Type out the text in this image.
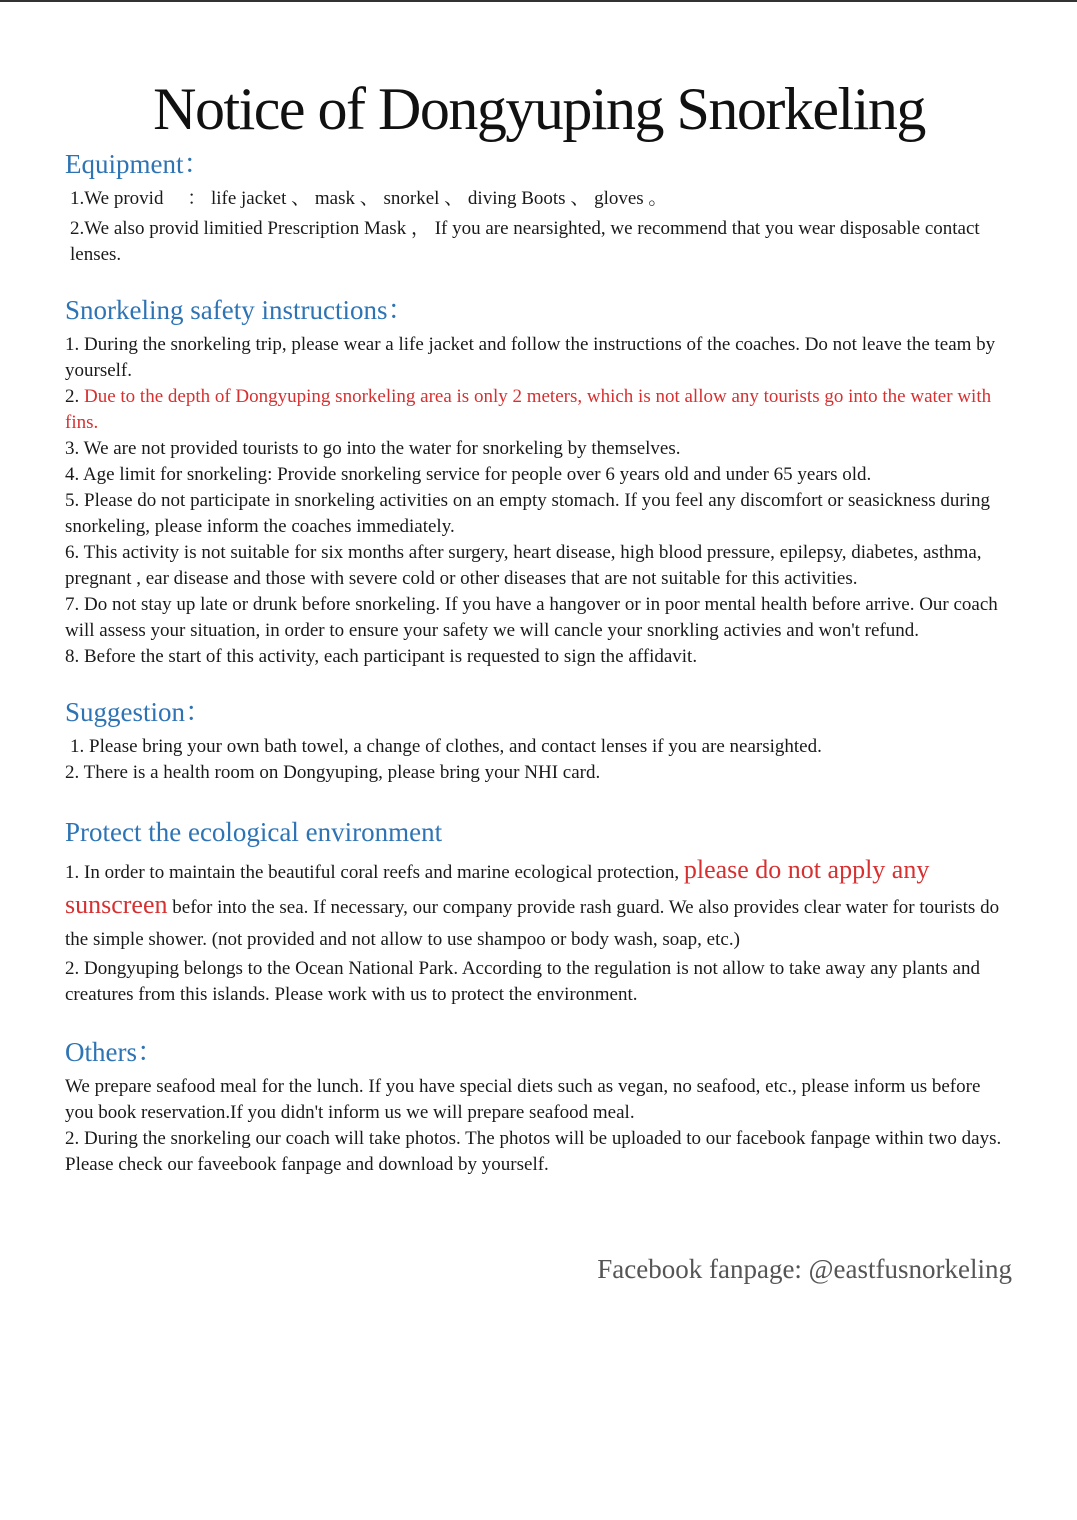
Notice of Dongyuping Snorkeling
Equipment：

1.We provid 　： life jacket 、 mask 、 snorkel 、 diving Boots 、 gloves 。

2.We also provid limitied Prescription Mask ， If you are nearsighted, we recommend that you wear disposable contact lenses.

Snorkeling safety instructions：

1. During the snorkeling trip, please wear a life jacket and follow the instructions of the coaches. Do not leave the team by yourself.

2. Due to the depth of Dongyuping snorkeling area is only 2 meters, which is not allow any tourists go into the water with fins.

3. We are not provided tourists to go into the water for snorkeling by themselves.

4. Age limit for snorkeling: Provide snorkeling service for people over 6 years old and under 65 years old.

5. Please do not participate in snorkeling activities on an empty stomach. If you feel any discomfort or seasickness during snorkeling, please inform the coaches immediately.

6. This activity is not suitable for six months after surgery, heart disease, high blood pressure, epilepsy, diabetes, asthma, pregnant , ear disease and those with severe cold or other diseases that are not suitable for this activities.

7. Do not stay up late or drunk before snorkeling. If you have a hangover or in poor mental health before arrive. Our coach will assess your situation, in order to ensure your safety we will cancle your snorkling activies and won't refund.

8. Before the start of this activity, each participant is requested to sign the affidavit.

Suggestion：

1. Please bring your own bath towel, a change of clothes, and contact lenses if you are nearsighted.

2. There is a health room on Dongyuping, please bring your NHI card.

Protect the ecological environment

1. In order to maintain the beautiful coral reefs and marine ecological protection, please do not apply any sunscreen befor into the sea. If necessary, our company provide rash guard. We also provides clear water for tourists do the simple shower. (not provided and not allow to use shampoo or body wash, soap, etc.)

2. Dongyuping belongs to the Ocean National Park. According to the regulation is not allow to take away any plants and creatures from this islands. Please work with us to protect the environment.

Others：

We prepare seafood meal for the lunch. If you have special diets such as vegan, no seafood, etc., please inform us before you book reservation.If you didn't inform us we will prepare seafood meal.

2. During the snorkeling our coach will take photos. The photos will be uploaded to our facebook fanpage within two days. Please check our faveebook fanpage and download by yourself.

Facebook fanpage: @eastfusnorkeling
